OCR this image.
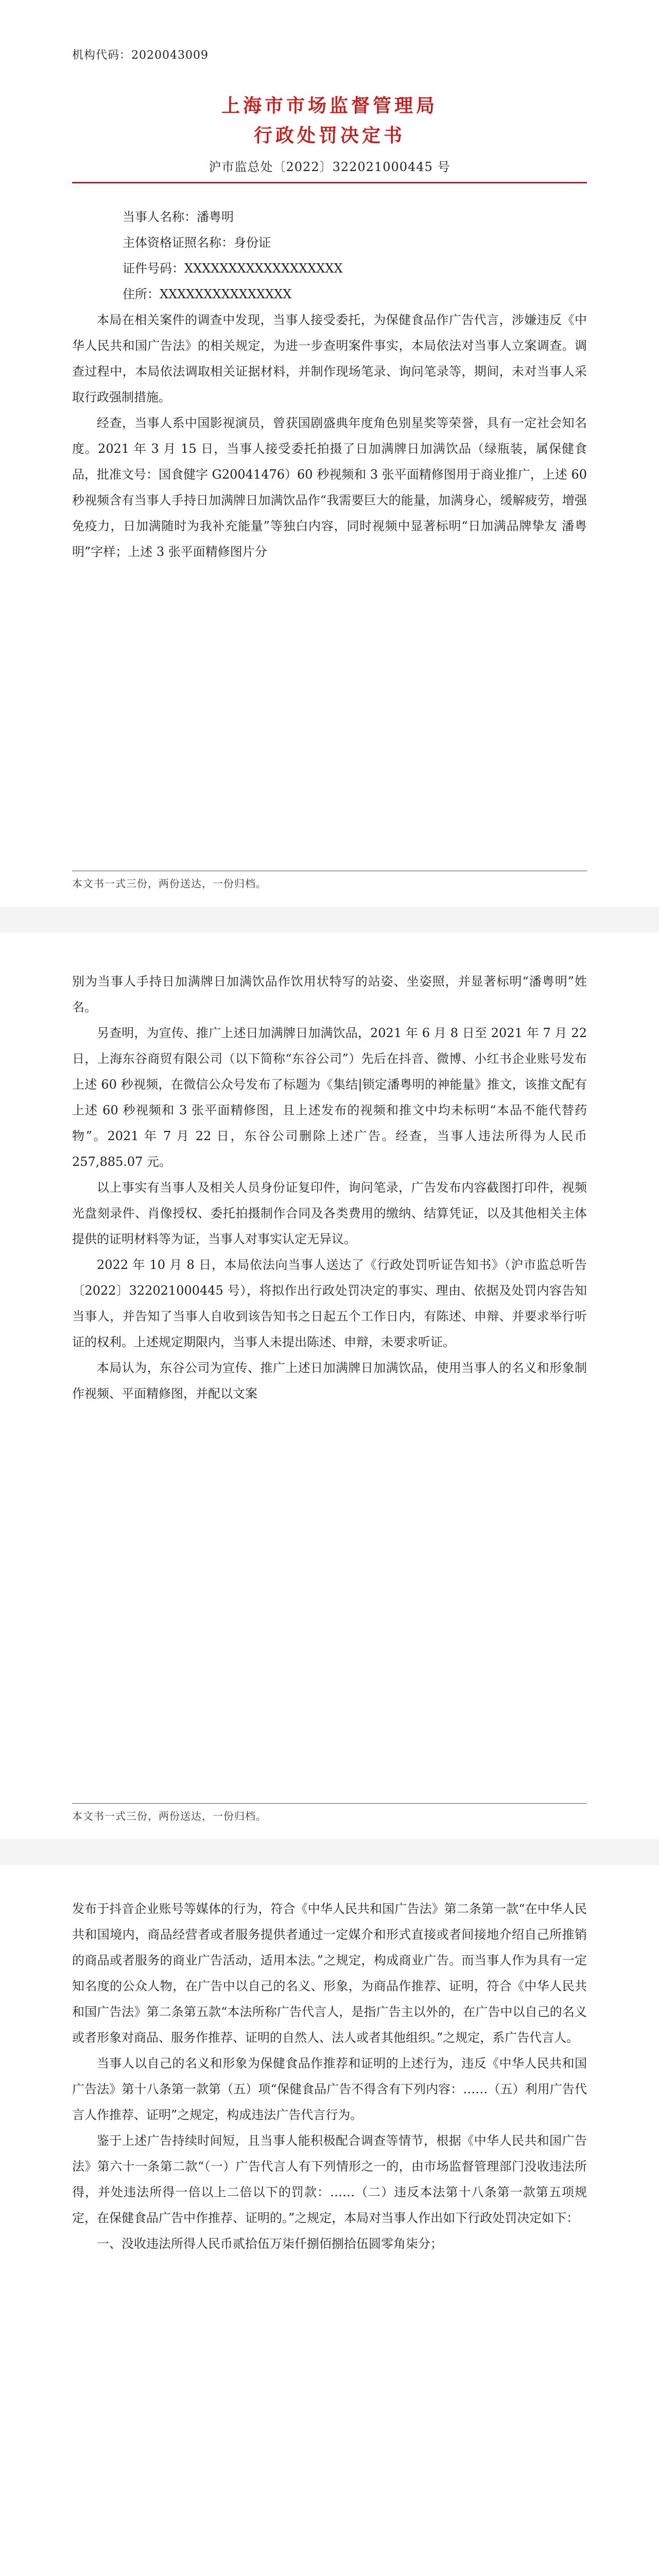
机构代码：2020043009
上海市市场监督管理局
行政处罚决定书
沪市监总处〔2022〕322021000445 号
当事人名称：潘粤明
主体资格证照名称：身份证
证件号码：XXXXXXXXXXXXXXXXXX
住所：XXXXXXXXXXXXXXX

本局在相关案件的调查中发现，当事人接受委托，为保健食品作广告代言，涉嫌违反《中华人民共和国广告法》的相关规定，为进一步查明案件事实，本局依法对当事人立案调查。调查过程中，本局依法调取相关证据材料，并制作现场笔录、询问笔录等，期间，未对当事人采取行政强制措施。

经查，当事人系中国影视演员，曾获国剧盛典年度角色别星奖等荣誉，具有一定社会知名度。2021 年 3 月 15 日，当事人接受委托拍摄了日加满牌日加满饮品（绿瓶装，属保健食品，批准文号：国食健字 G20041476）60 秒视频和 3 张平面精修图用于商业推广，上述 60 秒视频含有当事人手持日加满牌日加满饮品作“我需要巨大的能量，加满身心，缓解疲劳，增强免疫力，日加满随时为我补充能量”等独白内容，同时视频中显著标明“日加满品牌挚友 潘粤明”字样；上述 3 张平面精修图片分

本文书一式三份，两份送达，一份归档。

别为当事人手持日加满牌日加满饮品作饮用状特写的站姿、坐姿照，并显著标明“潘粤明”姓名。

另查明，为宣传、推广上述日加满牌日加满饮品，2021 年 6 月 8 日至 2021 年 7 月 22 日，上海东谷商贸有限公司（以下简称“东谷公司”）先后在抖音、微博、小红书企业账号发布上述 60 秒视频，在微信公众号发布了标题为《集结|锁定潘粤明的神能量》推文，该推文配有上述 60 秒视频和 3 张平面精修图，且上述发布的视频和推文中均未标明“本品不能代替药物”。2021 年 7 月 22 日，东谷公司删除上述广告。经查，当事人违法所得为人民币 257,885.07 元。

以上事实有当事人及相关人员身份证复印件，询问笔录，广告发布内容截图打印件，视频光盘刻录件、肖像授权、委托拍摄制作合同及各类费用的缴纳、结算凭证，以及其他相关主体提供的证明材料等为证，当事人对事实认定无异议。

2022 年 10 月 8 日，本局依法向当事人送达了《行政处罚听证告知书》（沪市监总听告〔2022〕322021000445 号），将拟作出行政处罚决定的事实、理由、依据及处罚内容告知当事人，并告知了当事人自收到该告知书之日起五个工作日内，有陈述、申辩、并要求举行听证的权利。上述规定期限内，当事人未提出陈述、申辩，未要求听证。

本局认为，东谷公司为宣传、推广上述日加满牌日加满饮品，使用当事人的名义和形象制作视频、平面精修图，并配以文案

本文书一式三份，两份送达，一份归档。

发布于抖音企业账号等媒体的行为，符合《中华人民共和国广告法》第二条第一款“在中华人民共和国境内，商品经营者或者服务提供者通过一定媒介和形式直接或者间接地介绍自己所推销的商品或者服务的商业广告活动，适用本法。”之规定，构成商业广告。而当事人作为具有一定知名度的公众人物，在广告中以自己的名义、形象，为商品作推荐、证明，符合《中华人民共和国广告法》第二条第五款“本法所称广告代言人，是指广告主以外的，在广告中以自己的名义或者形象对商品、服务作推荐、证明的自然人、法人或者其他组织。”之规定，系广告代言人。

当事人以自己的名义和形象为保健食品作推荐和证明的上述行为，违反《中华人民共和国广告法》第十八条第一款第（五）项“保健食品广告不得含有下列内容：……（五）利用广告代言人作推荐、证明”之规定，构成违法广告代言行为。

鉴于上述广告持续时间短，且当事人能积极配合调查等情节，根据《中华人民共和国广告法》第六十一条第二款“（一）广告代言人有下列情形之一的，由市场监督管理部门没收违法所得，并处违法所得一倍以上二倍以下的罚款：……（二）违反本法第十八条第一款第五项规定，在保健食品广告中作推荐、证明的。”之规定，本局对当事人作出如下行政处罚决定如下：

一、没收违法所得人民币贰拾伍万柒仟捌佰捌拾伍圆零角柒分；
